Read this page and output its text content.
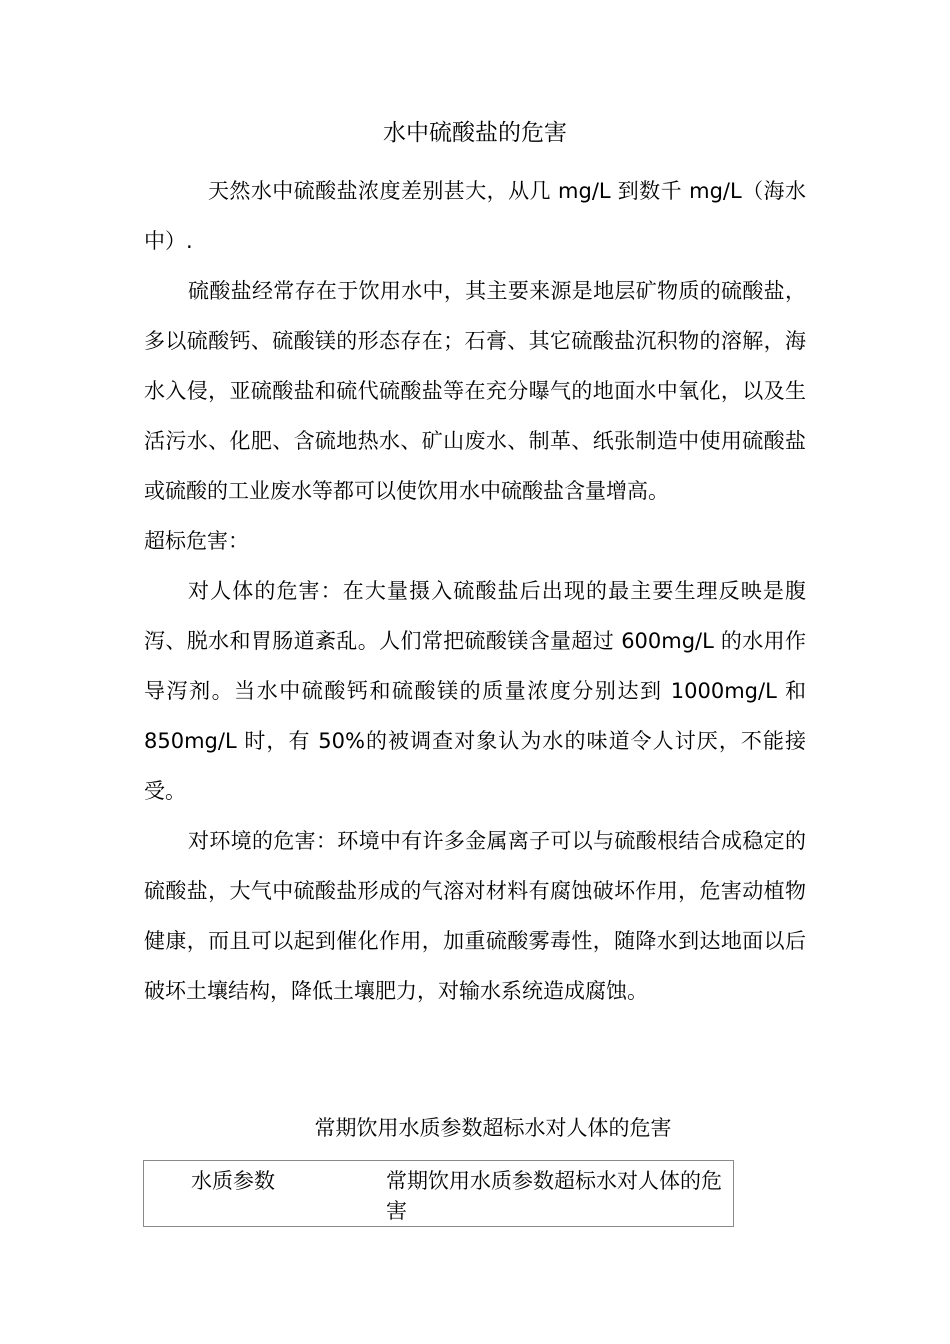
水中硫酸盐的危害

天然水中硫酸盐浓度差别甚大，从几 mg/L 到数千 mg/L（海水中）.

硫酸盐经常存在于饮用水中，其主要来源是地层矿物质的硫酸盐，多以硫酸钙、硫酸镁的形态存在；石膏、其它硫酸盐沉积物的溶解，海水入侵，亚硫酸盐和硫代硫酸盐等在充分曝气的地面水中氧化，以及生活污水、化肥、含硫地热水、矿山废水、制革、纸张制造中使用硫酸盐或硫酸的工业废水等都可以使饮用水中硫酸盐含量增高。

超标危害：

对人体的危害：在大量摄入硫酸盐后出现的最主要生理反映是腹泻、脱水和胃肠道紊乱。人们常把硫酸镁含量超过 600mg/L 的水用作导泻剂。当水中硫酸钙和硫酸镁的质量浓度分别达到 1000mg/L 和 850mg/L 时，有 50%的被调查对象认为水的味道令人讨厌，不能接受。

对环境的危害：环境中有许多金属离子可以与硫酸根结合成稳定的硫酸盐，大气中硫酸盐形成的气溶对材料有腐蚀破坏作用，危害动植物健康，而且可以起到催化作用，加重硫酸雾毒性，随降水到达地面以后破坏土壤结构，降低土壤肥力，对输水系统造成腐蚀。

常期饮用水质参数超标水对人体的危害
水质参数	常期饮用水质参数超标水对人体的危害
